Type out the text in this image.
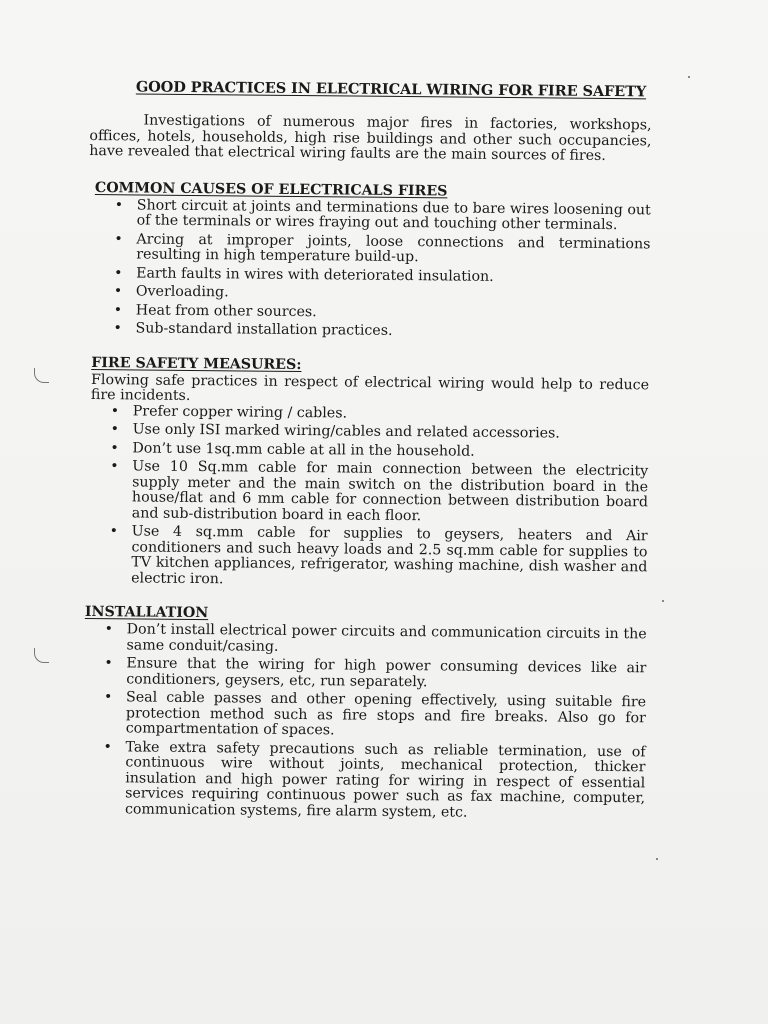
GOOD PRACTICES IN ELECTRICAL WIRING FOR FIRE SAFETY

Investigations of numerous major fires in factories, workshops, offices, hotels, households, high rise buildings and other such occupancies, have revealed that electrical wiring faults are the main sources of fires.

COMMON CAUSES OF ELECTRICALS FIRES
• Short circuit at joints and terminations due to bare wires loosening out of the terminals or wires fraying out and touching other terminals.
• Arcing at improper joints, loose connections and terminations resulting in high temperature build-up.
• Earth faults in wires with deteriorated insulation.
• Overloading.
• Heat from other sources.
• Sub-standard installation practices.
FIRE SAFETY MEASURES:

Flowing safe practices in respect of electrical wiring would help to reduce fire incidents.

• Prefer copper wiring / cables.
• Use only ISI marked wiring/cables and related accessories.
• Don’t use 1sq.mm cable at all in the household.
• Use 10 Sq.mm cable for main connection between the electricity supply meter and the main switch on the distribution board in the house/flat and 6 mm cable for connection between distribution board and sub-distribution board in each floor.
• Use 4 sq.mm cable for supplies to geysers, heaters and Air conditioners and such heavy loads and 2.5 sq.mm cable for supplies to TV kitchen appliances, refrigerator, washing machine, dish washer and electric iron.
INSTALLATION
• Don’t install electrical power circuits and communication circuits in the same conduit/casing.
• Ensure that the wiring for high power consuming devices like air conditioners, geysers, etc, run separately.
• Seal cable passes and other opening effectively, using suitable fire protection method such as fire stops and fire breaks. Also go for compartmentation of spaces.
• Take extra safety precautions such as reliable termination, use of continuous wire without joints, mechanical protection, thicker insulation and high power rating for wiring in respect of essential services requiring continuous power such as fax machine, computer, communication systems, fire alarm system, etc.
